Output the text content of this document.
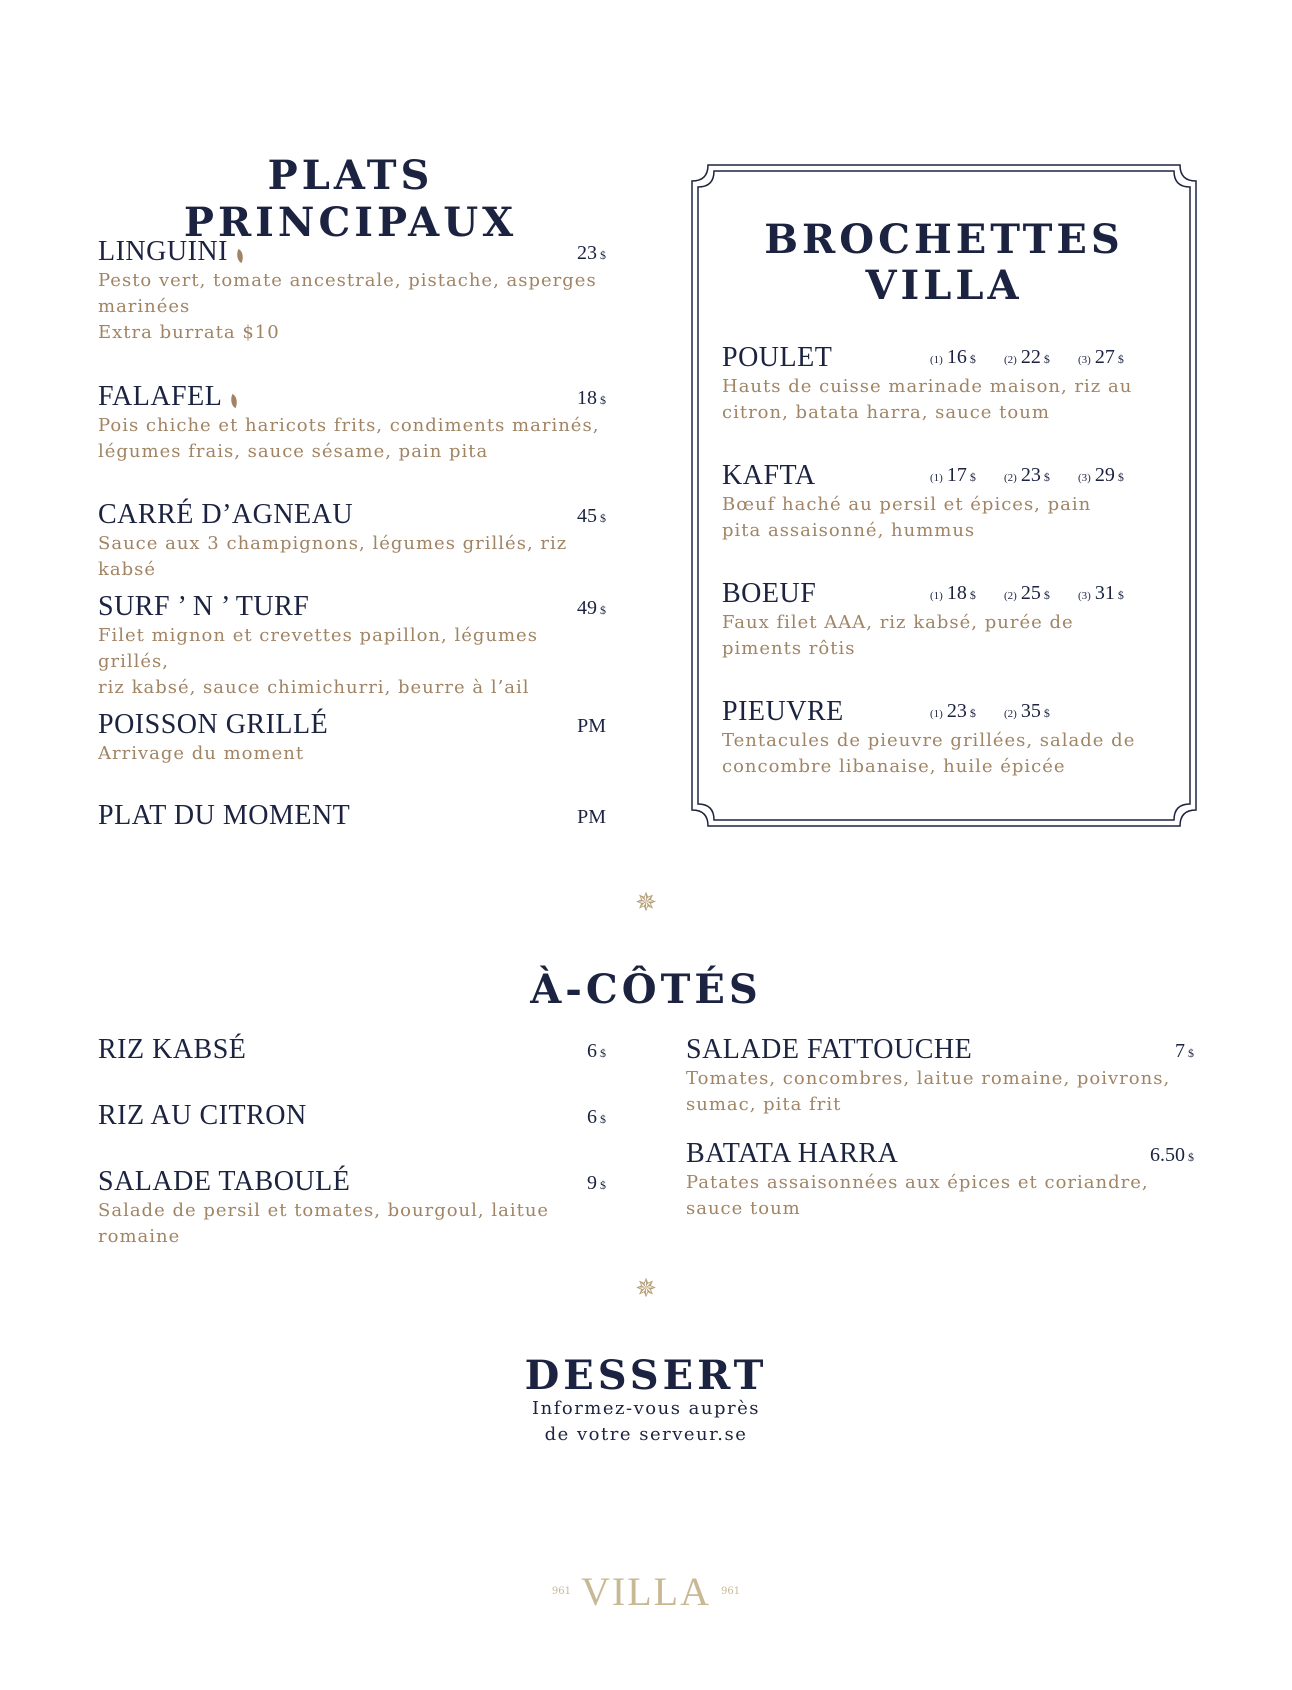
PLATS PRINCIPAUX
LINGUINI	23 $
Pesto vert, tomate ancestrale, pistache, asperges
marinées
Extra burrata $10
FALAFEL	18 $
Pois chiche et haricots frits, condiments marinés,
légumes frais, sauce sésame, pain pita
CARRÉ D’AGNEAU	45 $
Sauce aux 3 champignons, légumes grillés, riz kabsé
SURF ’ N ’ TURF	49 $
Filet mignon et crevettes papillon, légumes grillés,
riz kabsé, sauce chimichurri, beurre à l’ail
POISSON GRILLÉ	PM
Arrivage du moment
PLAT DU MOMENT	PM
BROCHETTES
VILLA
POULET	(1) 16 $	(2) 22 $	(3) 27 $
Hauts de cuisse marinade maison, riz au
citron, batata harra, sauce toum
KAFTA	(1) 17 $	(2) 23 $	(3) 29 $
Bœuf haché au persil et épices, pain
pita assaisonné, hummus
BOEUF	(1) 18 $	(2) 25 $	(3) 31 $
Faux filet AAA, riz kabsé, purée de
piments rôtis
PIEUVRE	(1) 23 $	(2) 35 $
Tentacules de pieuvre grillées, salade de
concombre libanaise, huile épicée
✵
À-CÔTÉS
RIZ KABSÉ	6 $
RIZ AU CITRON	6 $
SALADE TABOULÉ	9 $
Salade de persil et tomates, bourgoul, laitue romaine
SALADE FATTOUCHE	7 $
Tomates, concombres, laitue romaine, poivrons,
sumac, pita frit
BATATA HARRA	6.50 $
Patates assaisonnées aux épices et coriandre,
sauce toum
✵
DESSERT
Informez-vous auprès
de votre serveur.se
961 VILLA 961
